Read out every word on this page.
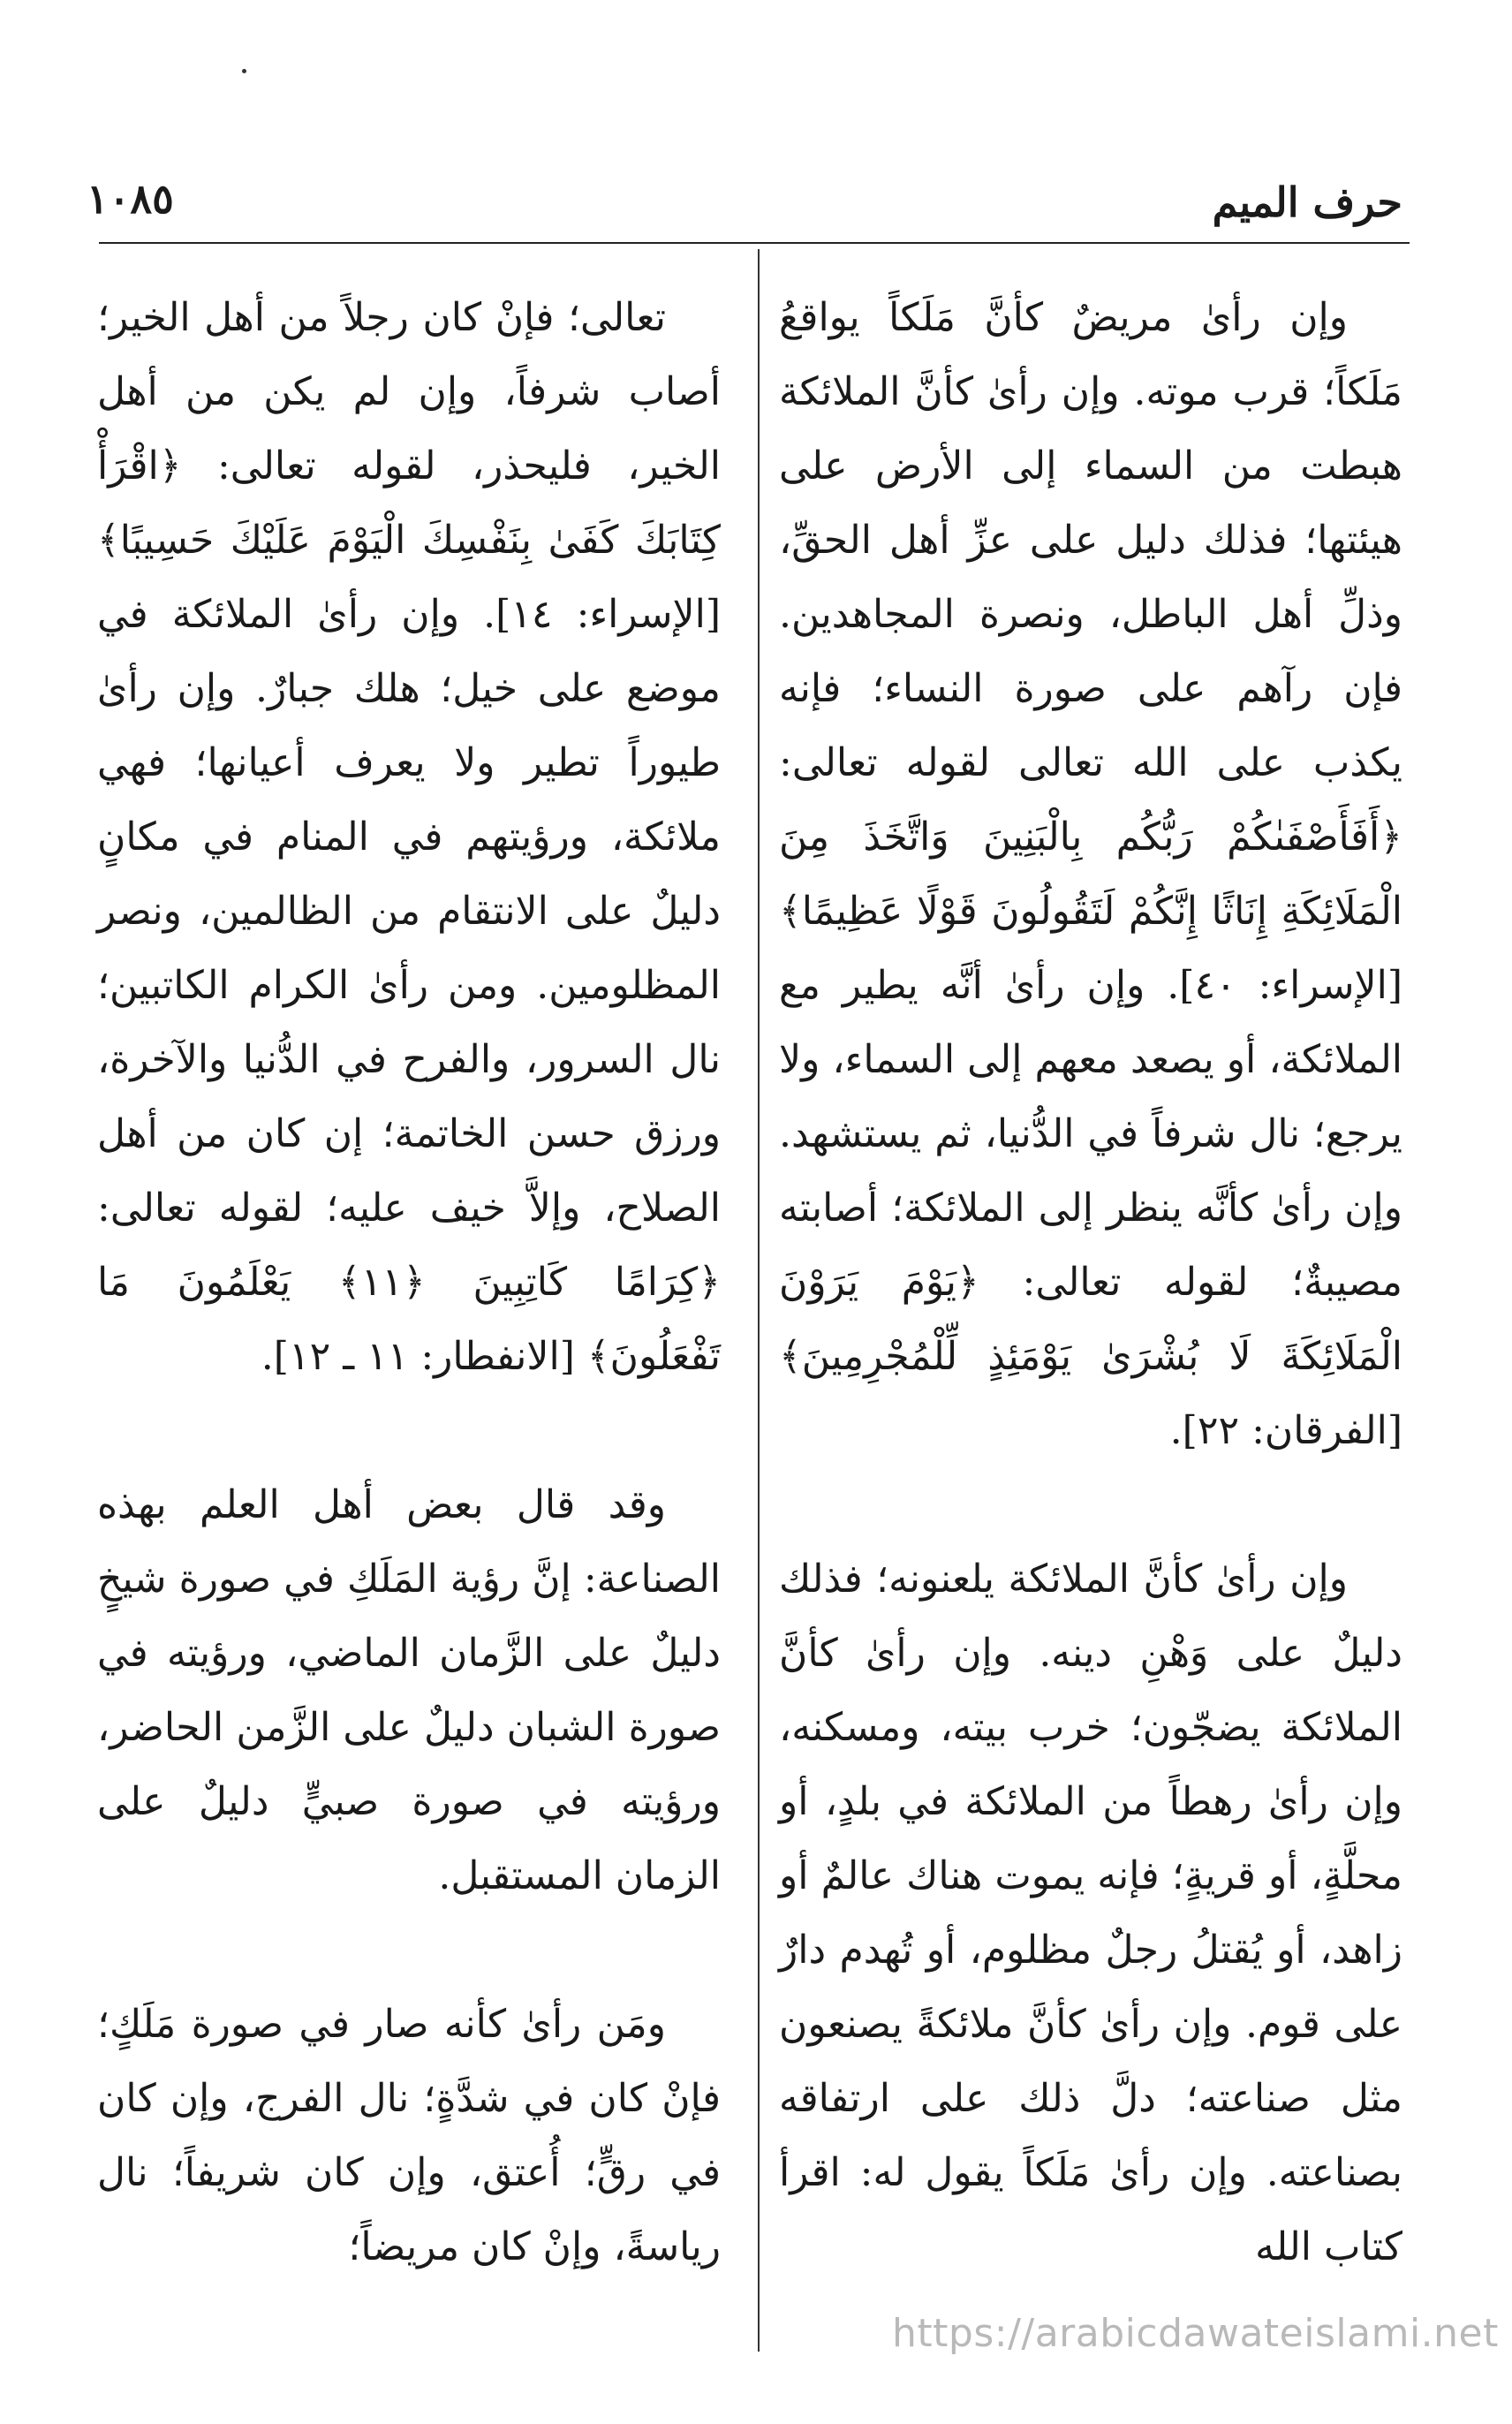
حرف الميم
١٠٨٥

وإن رأىٰ مريضٌ كأنَّ مَلَكاً يواقعُ مَلَكاً؛ قرب موته. وإن رأىٰ كأنَّ الملائكة هبطت من السماء إلى الأرض على هيئتها؛ فذلك دليل على عزِّ أهل الحقِّ، وذلِّ أهل الباطل، ونصرة المجاهدين. فإن رآهم على صورة النساء؛ فإنه يكذب على الله تعالى لقوله تعالى: ﴿أَفَأَصْفَىٰكُمْ رَبُّكُم بِالْبَنِينَ وَاتَّخَذَ مِنَ الْمَلَائِكَةِ إِنَاثًا إِنَّكُمْ لَتَقُولُونَ قَوْلًا عَظِيمًا﴾ [الإسراء: ٤٠]. وإن رأىٰ أنَّه يطير مع الملائكة، أو يصعد معهم إلى السماء، ولا يرجع؛ نال شرفاً في الدُّنيا، ثم يستشهد. وإن رأىٰ كأنَّه ينظر إلى الملائكة؛ أصابته مصيبةٌ؛ لقوله تعالى: ﴿يَوْمَ يَرَوْنَ الْمَلَائِكَةَ لَا بُشْرَىٰ يَوْمَئِذٍ لِّلْمُجْرِمِينَ﴾ [الفرقان: ٢٢].

وإن رأىٰ كأنَّ الملائكة يلعنونه؛ فذلك دليلٌ على وَهْنِ دينه. وإن رأىٰ كأنَّ الملائكة يضجّون؛ خرب بيته، ومسكنه، وإن رأىٰ رهطاً من الملائكة في بلدٍ، أو محلَّةٍ، أو قريةٍ؛ فإنه يموت هناك عالمٌ أو زاهد، أو يُقتلُ رجلٌ مظلوم، أو تُهدم دارٌ على قوم. وإن رأىٰ كأنَّ ملائكةً يصنعون مثل صناعته؛ دلَّ ذلك على ارتفاقه بصناعته. وإن رأىٰ مَلَكاً يقول له: اقرأ كتاب الله

تعالى؛ فإنْ كان رجلاً من أهل الخير؛ أصاب شرفاً، وإن لم يكن من أهل الخير، فليحذر، لقوله تعالى: ﴿اقْرَأْ كِتَابَكَ كَفَىٰ بِنَفْسِكَ الْيَوْمَ عَلَيْكَ حَسِيبًا﴾ [الإسراء: ١٤]. وإن رأىٰ الملائكة في موضع على خيل؛ هلك جبارٌ. وإن رأىٰ طيوراً تطير ولا يعرف أعيانها؛ فهي ملائكة، ورؤيتهم في المنام في مكانٍ دليلٌ على الانتقام من الظالمين، ونصر المظلومين. ومن رأىٰ الكرام الكاتبين؛ نال السرور، والفرح في الدُّنيا والآخرة، ورزق حسن الخاتمة؛ إن كان من أهل الصلاح، وإلاَّ خيف عليه؛ لقوله تعالى: ﴿كِرَامًا كَاتِبِينَ ﴿١١﴾ يَعْلَمُونَ مَا تَفْعَلُونَ﴾ [الانفطار: ١١ ـ ١٢].

وقد قال بعض أهل العلم بهذه الصناعة: إنَّ رؤية المَلَكِ في صورة شيخٍ دليلٌ على الزَّمان الماضي، ورؤيته في صورة الشبان دليلٌ على الزَّمن الحاضر، ورؤيته في صورة صبيٍّ دليلٌ على الزمان المستقبل.

ومَن رأىٰ كأنه صار في صورة مَلَكٍ؛ فإنْ كان في شدَّةٍ؛ نال الفرج، وإن كان في رقٍّ؛ أُعتق، وإن كان شريفاً؛ نال رياسةً، وإنْ كان مريضاً؛

https://arabicdawateislami.net
